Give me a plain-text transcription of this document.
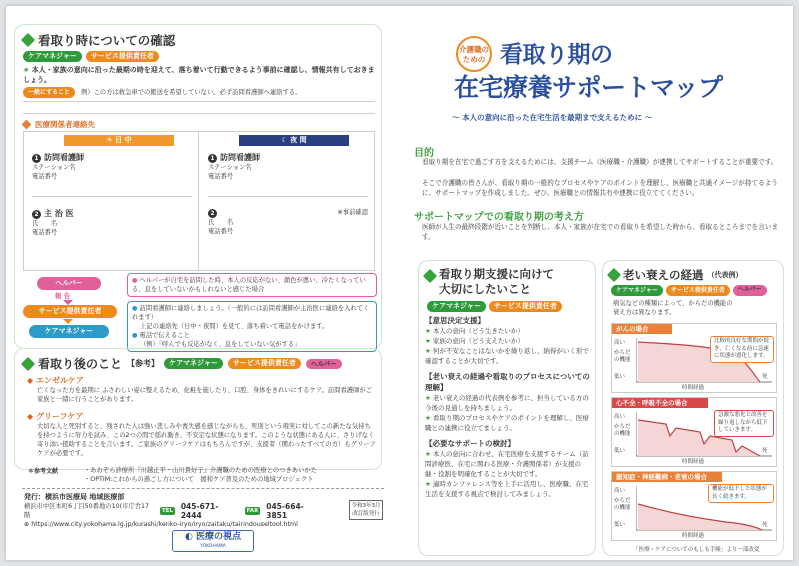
看取り時についての確認
ケアマネジャー	サービス提供責任者
★ 本人・家族の意向に沿った最期の時を迎えて、落ち着いて行動できるよう事前に確認し、情報共有しておきましょう。
一般にすること	例）この方は救急車での搬送を希望していない。必ず訪問看護師へ連絡する。
医療関係者連絡先
☀ 日 中	☾ 夜 間
1 訪問看護師
ステーション名
電話番号
2 主 治 医
氏　　名
電話番号
1 訪問看護師
ステーション名
電話番号
2	※事前確認
氏　　名
電話番号
ヘルパー
報 告
サービス提供責任者
ケアマネジャー
● ヘルパーが自宅を訪問した時、本人の反応がない、顔色が悪い、冷たくなっている、息をしていないかもしれないと感じた場合
● 訪問看護師に連絡しましょう。（一般的には訪問看護師が主治医に連絡を入れてくれます）
上記の連絡先（日中・夜間）を見て、落ち着いて電話をかけます。
● 電話で伝えること
（例）「呼んでも反応がなく、息をしていない気がする」
看取り後のこと 【参考】	ケアマネジャー	サービス提供責任者	ヘルパー
◆ エンゼルケア
亡くなった方を最期に ふさわしい姿に整えるため、化粧を施したり、口腔、身体をきれいにするケア。訪問看護師がご家族と一緒に行うことがあります。
◆ グリーフケア
大切な人と死別すると、残された人は強い悲しみや喪失感を感じながらも、死別という現実に対してこの新たな気持ちを持つように努力を試み、この2つの間で揺れ動き、不安定な状態になります。このような状態にある人に、さりげなく寄り添い援助することを言います。ご家族のグリーフケアはもちろんですが、支援者（関わったすべての方）もグリーフケアが必要です。
＊参考文献	・あおぞら診療所『川越正平・山川貴好子』介護職のための医療とのつきあいかた
・OPTIM:これからの過ごし方について　緩和ケア普及のための地域プロジェクト
発行：横浜市医療局 地域医療部
横浜市中区本町6丁目50番地の10(市庁舎17階
TEL 045-671-2444	FAX 045-664-3851
⊕ https://www.city.yokohama.lg.jp/kurashi/kenko-iryo/iryo/zaitaku/tairindouseltool.html
令和3年3月 改訂版発行
◐ 医療の視点
YOKOHAMA
介護職のための 看取り期の
在宅療養サポートマップ
～ 本人の意向に沿った在宅生活を最期まで支えるために ～
目的
看取り期を在宅で過ごす方を支えるためには、支援チーム（医療職・介護職）が連携してサポートすることが重要です。
そこで介護職の皆さんが、看取り期の一般的なプロセスやケアのポイントを理解し、医療職と共通イメージが持てるように、サポートマップを作成しました。ぜひ、医療職との情報共有や連携に役立ててください。
サポートマップでの看取り期の考え方
医師が人生の最終段階が近いことを判断し、本人・家族が在宅での看取りを希望した時から、看取るところまでを言います。
看取り期支援に向けて
大切にしたいこと
ケアマネジャー	サービス提供責任者
【意思決定支援】
★ 本人の意向（どう生きたいか）
★ 家族の意向（どう支えたいか）
★ 何が不安なことはないかを繰り返し、納得がいく形で確認することが大切です。
【老い衰えの経過や看取りのプロセスについての理解】
★ 老い衰えの経過の代表例を参考に、担当している方の今後の見通しを持ちましょう。
★ 看取り期のプロセスやケアのポイントを理解し、医療職との連携に役立てましょう。
【必要なサポートの検討】
★ 本人の意向に合わせ、在宅医療を支援するチーム（訪問診療医、在宅に関わる医療・介護関係者）が支援の継・役割を明確化することが大切です。
★ 適時カンファレンス等を上手に活用し、医療職、在宅生活を支援する視点で検討してみましょう。
老い衰えの経過 （代表例）
ケアマネジャー	サービス提供責任者	ヘルパー
病気などの種類によって、からだの機能の衰え方は異なります。
がんの場合
高い
からだの機能
低い
比較的良好な期間が続き、亡くなる前に急速に状態が悪化します。
死
時間経過
心不全・呼吸不全の場合
高い
からだの機能
低い
急激な悪化と改善を繰り返しながら低下していきます。
死
時間経過
認知症・神経難病・老衰の場合
高い
からだの機能
低い
機能が低下した状態が長く続きます。
死
時間経過
「医療・ケアについてのもしも手帳」より一部改変
